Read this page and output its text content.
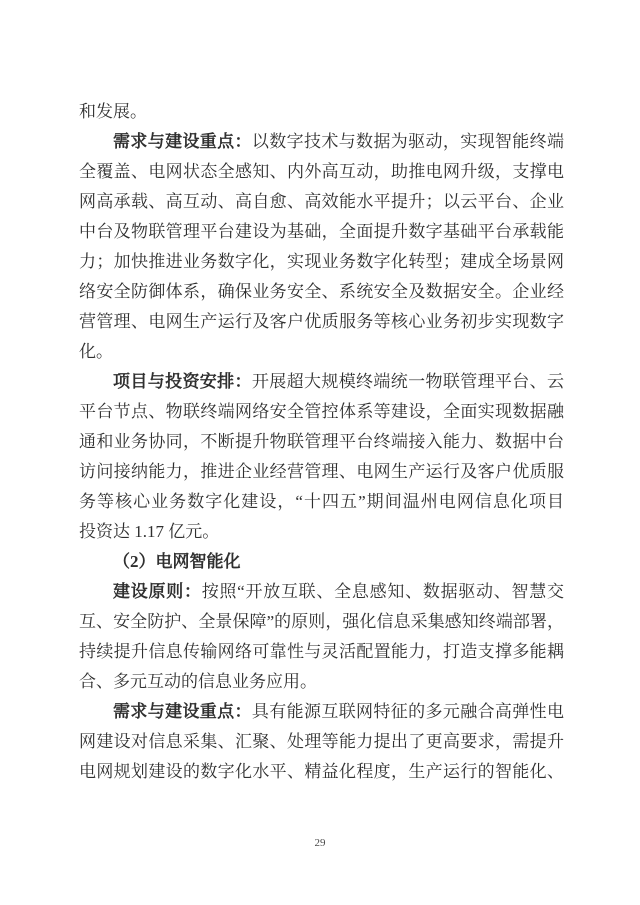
和发展。
需求与建设重点：以数字技术与数据为驱动，实现智能终端
全覆盖、电网状态全感知、内外高互动，助推电网升级，支撑电
网高承载、高互动、高自愈、高效能水平提升；以云平台、企业
中台及物联管理平台建设为基础，全面提升数字基础平台承载能
力；加快推进业务数字化，实现业务数字化转型；建成全场景网
络安全防御体系，确保业务安全、系统安全及数据安全。企业经
营管理、电网生产运行及客户优质服务等核心业务初步实现数字
化。
项目与投资安排：开展超大规模终端统一物联管理平台、云
平台节点、物联终端网络安全管控体系等建设，全面实现数据融
通和业务协同，不断提升物联管理平台终端接入能力、数据中台
访问接纳能力，推进企业经营管理、电网生产运行及客户优质服
务等核心业务数字化建设，“十四五”期间温州电网信息化项目
投资达 1.17 亿元。
（2）电网智能化
建设原则：按照“开放互联、全息感知、数据驱动、智慧交
互、安全防护、全景保障”的原则，强化信息采集感知终端部署，
持续提升信息传输网络可靠性与灵活配置能力，打造支撑多能耦
合、多元互动的信息业务应用。
需求与建设重点：具有能源互联网特征的多元融合高弹性电
网建设对信息采集、汇聚、处理等能力提出了更高要求，需提升
电网规划建设的数字化水平、精益化程度，生产运行的智能化、
29
